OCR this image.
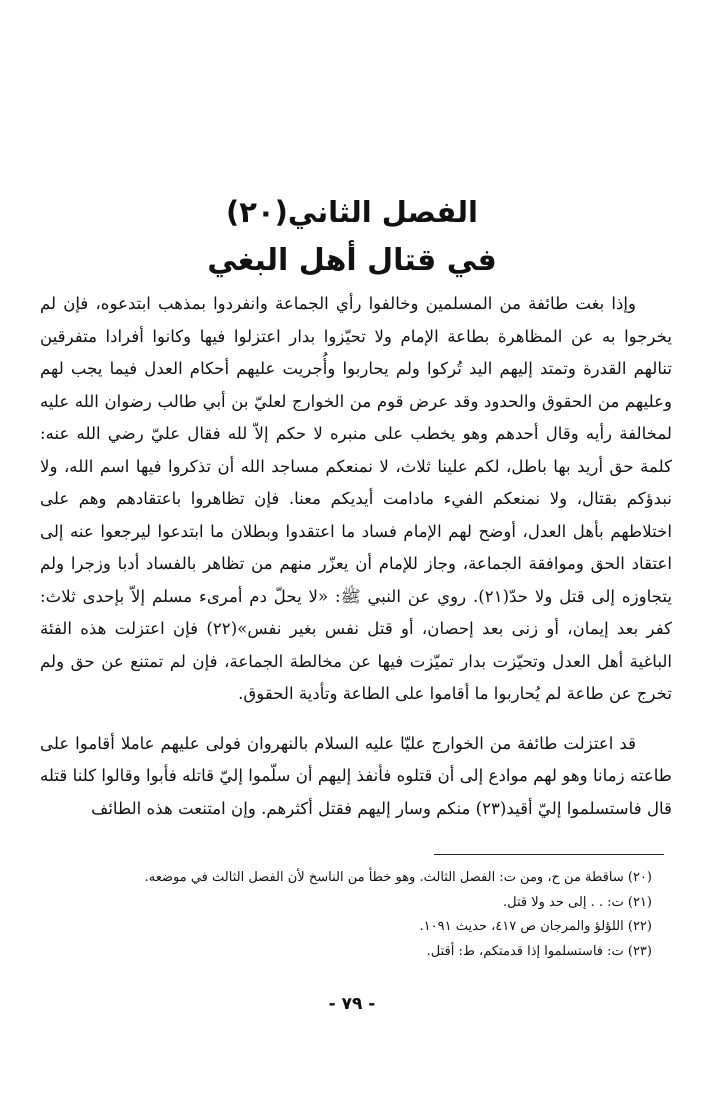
الفصل الثاني(٢٠)
في قتال أهل البغي

وإذا بغت طائفة من المسلمين وخالفوا رأي الجماعة وانفردوا بمذهب ابتدعوه، فإن لم يخرجوا به عن المظاهرة بطاعة الإمام ولا تحيّزوا بدار اعتزلوا فيها وكانوا أفرادا متفرقين تنالهم القدرة وتمتد إليهم اليد تُركوا ولم يحاربوا وأُجريت عليهم أحكام العدل فيما يجب لهم وعليهم من الحقوق والحدود وقد عرض قوم من الخوارج لعليّ بن أبي طالب رضوان الله عليه لمخالفة رأيه وقال أحدهم وهو يخطب على منبره لا حكم إلاّ لله فقال عليّ رضي الله عنه: كلمة حق أريد بها باطل، لكم علينا ثلاث، لا نمنعكم مساجد الله أن تذكروا فيها اسم الله، ولا نبدؤكم بقتال، ولا نمنعكم الفيء مادامت أيديكم معنا. فإن تظاهروا باعتقادهم وهم على اختلاطهم بأهل العدل، أوضح لهم الإمام فساد ما اعتقدوا وبطلان ما ابتدعوا ليرجعوا عنه إلى اعتقاد الحق وموافقة الجماعة، وجاز للإمام أن يعزّر منهم من تظاهر بالفساد أدبا وزجرا ولم يتجاوزه إلى قتل ولا حدّ(٢١). روي عن النبي ﷺ: «لا يحلّ دم أمرىء مسلم إلاّ بإحدى ثلاث: كفر بعد إيمان، أو زنى بعد إحصان، أو قتل نفس بغير نفس»(٢٢) فإن اعتزلت هذه الفئة الباغية أهل العدل وتحيّزت بدار تميّزت فيها عن مخالطة الجماعة، فإن لم تمتنع عن حق ولم تخرج عن طاعة لم يُحاربوا ما أقاموا على الطاعة وتأدية الحقوق.

قد اعتزلت طائفة من الخوارج عليّا عليه السلام بالنهروان فولى عليهم عاملا أقاموا على طاعته زمانا وهو لهم موادع إلى أن قتلوه فأنفذ إليهم أن سلّموا إليّ قاتله فأبوا وقالوا كلنا قتله قال فاستسلموا إليّ أقيد(٢٣) منكم وسار إليهم فقتل أكثرهم. وإن امتنعت هذه الطائف

(٢٠) ساقطة من ح، ومن ت: الفصل الثالث. وهو خطأ من الناسخ لأن الفصل الثالث في موضعه.
(٢١) ت: . . إلى حد ولا قتل.
(٢٢) اللؤلؤ والمرجان ص ٤١٧، حديث ١٠٩١.
(٢٣) ت: فاستسلموا إذا قدمتكم، ط: أقتل.
- ٧٩ -
